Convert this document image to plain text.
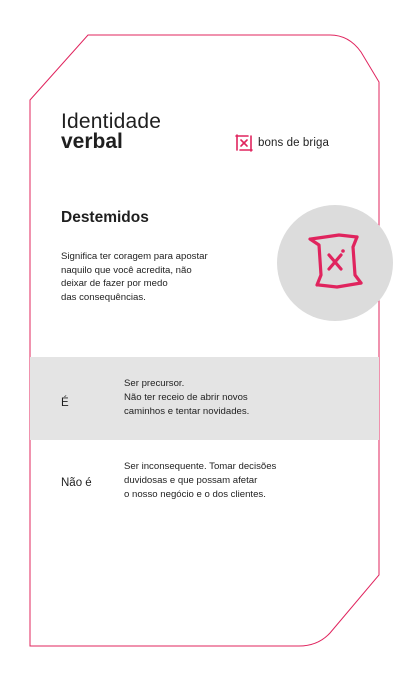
Identidade
verbal	bons de briga
Destemidos
Significa ter coragem para apostar
naquilo que você acredita, não
deixar de fazer por medo
das consequências.
É
Ser precursor.
Não ter receio de abrir novos
caminhos e tentar novidades.
Não é
Ser inconsequente. Tomar decisões
duvidosas e que possam afetar
o nosso negócio e o dos clientes.
